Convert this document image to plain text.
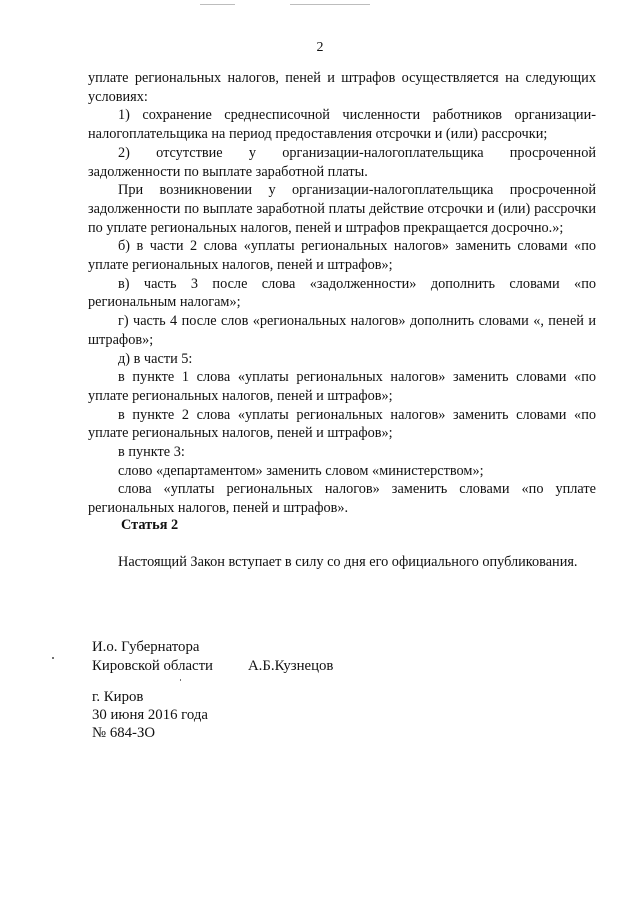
2

уплате региональных налогов, пеней и штрафов осуществляется на следующих условиях:

1) сохранение среднесписочной численности работников организации-налогоплательщика на период предоставления отсрочки и (или) рассрочки;

2) отсутствие у организации-налогоплательщика просроченной задолженности по выплате заработной платы.

При возникновении у организации-налогоплательщика просроченной задолженности по выплате заработной платы действие отсрочки и (или) рассрочки по уплате региональных налогов, пеней и штрафов прекращается досрочно.»;

б) в части 2 слова «уплаты региональных налогов» заменить словами «по уплате региональных налогов, пеней и штрафов»;

в) часть 3 после слова «задолженности» дополнить словами «по региональным налогам»;

г) часть 4 после слов «региональных налогов» дополнить словами «, пеней и штрафов»;

д) в части 5:

в пункте 1 слова «уплаты региональных налогов» заменить словами «по уплате региональных налогов, пеней и штрафов»;

в пункте 2 слова «уплаты региональных налогов» заменить словами «по уплате региональных налогов, пеней и штрафов»;

в пункте 3:

слово «департаментом» заменить словом «министерством»;

слова «уплаты региональных налогов» заменить словами «по уплате региональных налогов, пеней и штрафов».

Статья 2
Настоящий Закон вступает в силу со дня его официального опубликования.
И.о. Губернатора
Кировской области	А.Б.Кузнецов
г. Киров
30 июня 2016 года
№ 684-ЗО
